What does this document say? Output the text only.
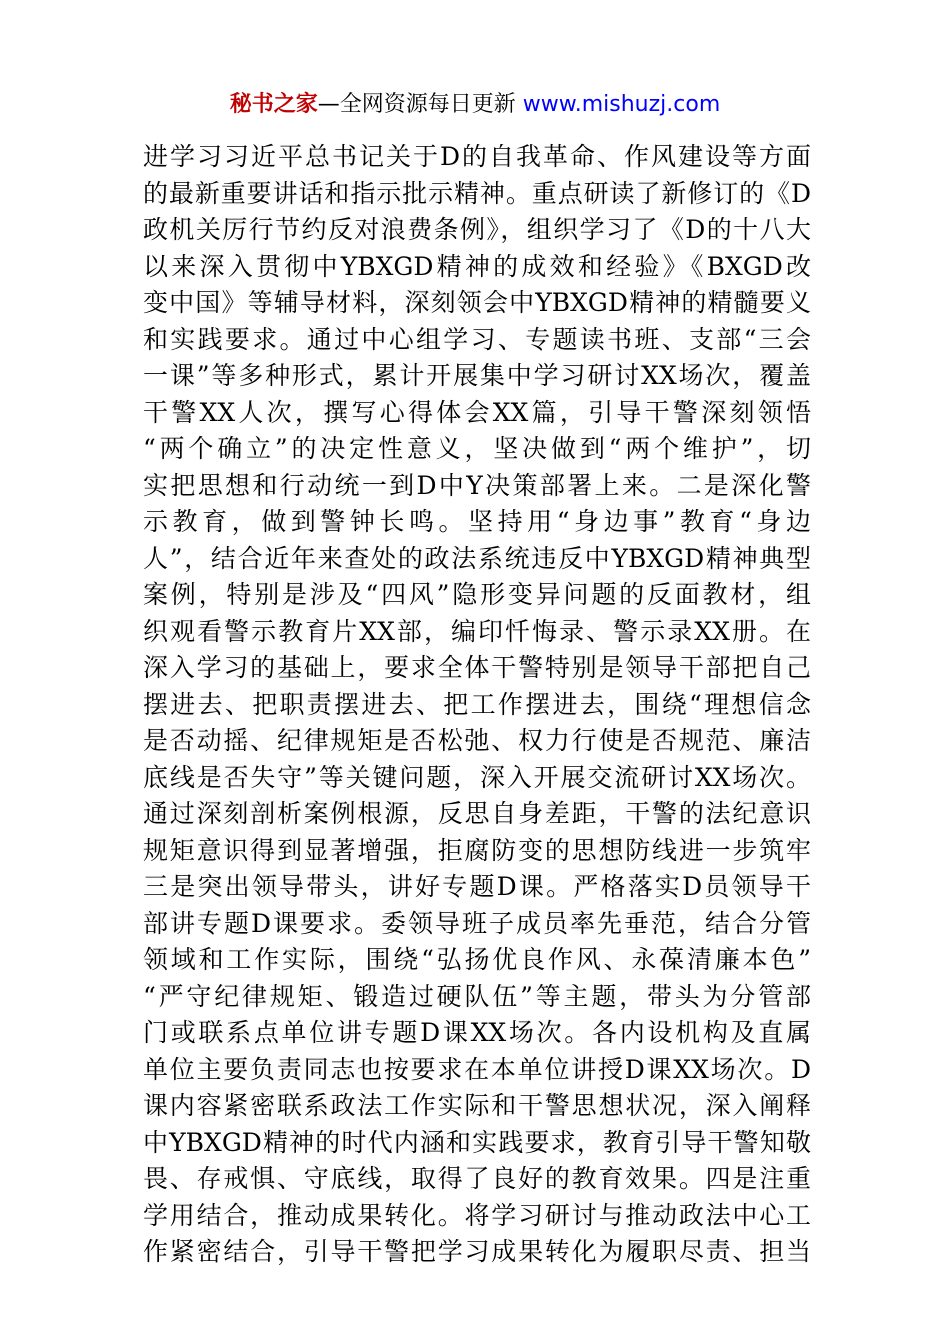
秘书之家—全网资源每日更新 www.mishuzj.com
进学习习近平总书记关于D的自我革命、作风建设等方面
的最新重要讲话和指示批示精神。重点研读了新修订的《D
政机关厉行节约反对浪费条例》，组织学习了《D的十八大
以来深入贯彻中YBXGD精神的成效和经验》《BXGD改
变中国》等辅导材料，深刻领会中YBXGD精神的精髓要义
和实践要求。通过中心组学习、专题读书班、支部“三会
一课”等多种形式，累计开展集中学习研讨XX场次，覆盖
干警XX人次，撰写心得体会XX篇，引导干警深刻领悟
“两个确立”的决定性意义，坚决做到“两个维护”，切
实把思想和行动统一到D中Y决策部署上来。二是深化警
示教育，做到警钟长鸣。坚持用“身边事”教育“身边
人”，结合近年来查处的政法系统违反中YBXGD精神典型
案例，特别是涉及“四风”隐形变异问题的反面教材，组
织观看警示教育片XX部，编印忏悔录、警示录XX册。在
深入学习的基础上，要求全体干警特别是领导干部把自己
摆进去、把职责摆进去、把工作摆进去，围绕“理想信念
是否动摇、纪律规矩是否松弛、权力行使是否规范、廉洁
底线是否失守”等关键问题，深入开展交流研讨XX场次。
通过深刻剖析案例根源，反思自身差距，干警的法纪意识
规矩意识得到显著增强，拒腐防变的思想防线进一步筑牢
三是突出领导带头，讲好专题D课。严格落实D员领导干
部讲专题D课要求。委领导班子成员率先垂范，结合分管
领域和工作实际，围绕“弘扬优良作风、永葆清廉本色”
“严守纪律规矩、锻造过硬队伍”等主题，带头为分管部
门或联系点单位讲专题D课XX场次。各内设机构及直属
单位主要负责同志也按要求在本单位讲授D课XX场次。D
课内容紧密联系政法工作实际和干警思想状况，深入阐释
中YBXGD精神的时代内涵和实践要求，教育引导干警知敬
畏、存戒惧、守底线，取得了良好的教育效果。四是注重
学用结合，推动成果转化。将学习研讨与推动政法中心工
作紧密结合，引导干警把学习成果转化为履职尽责、担当
